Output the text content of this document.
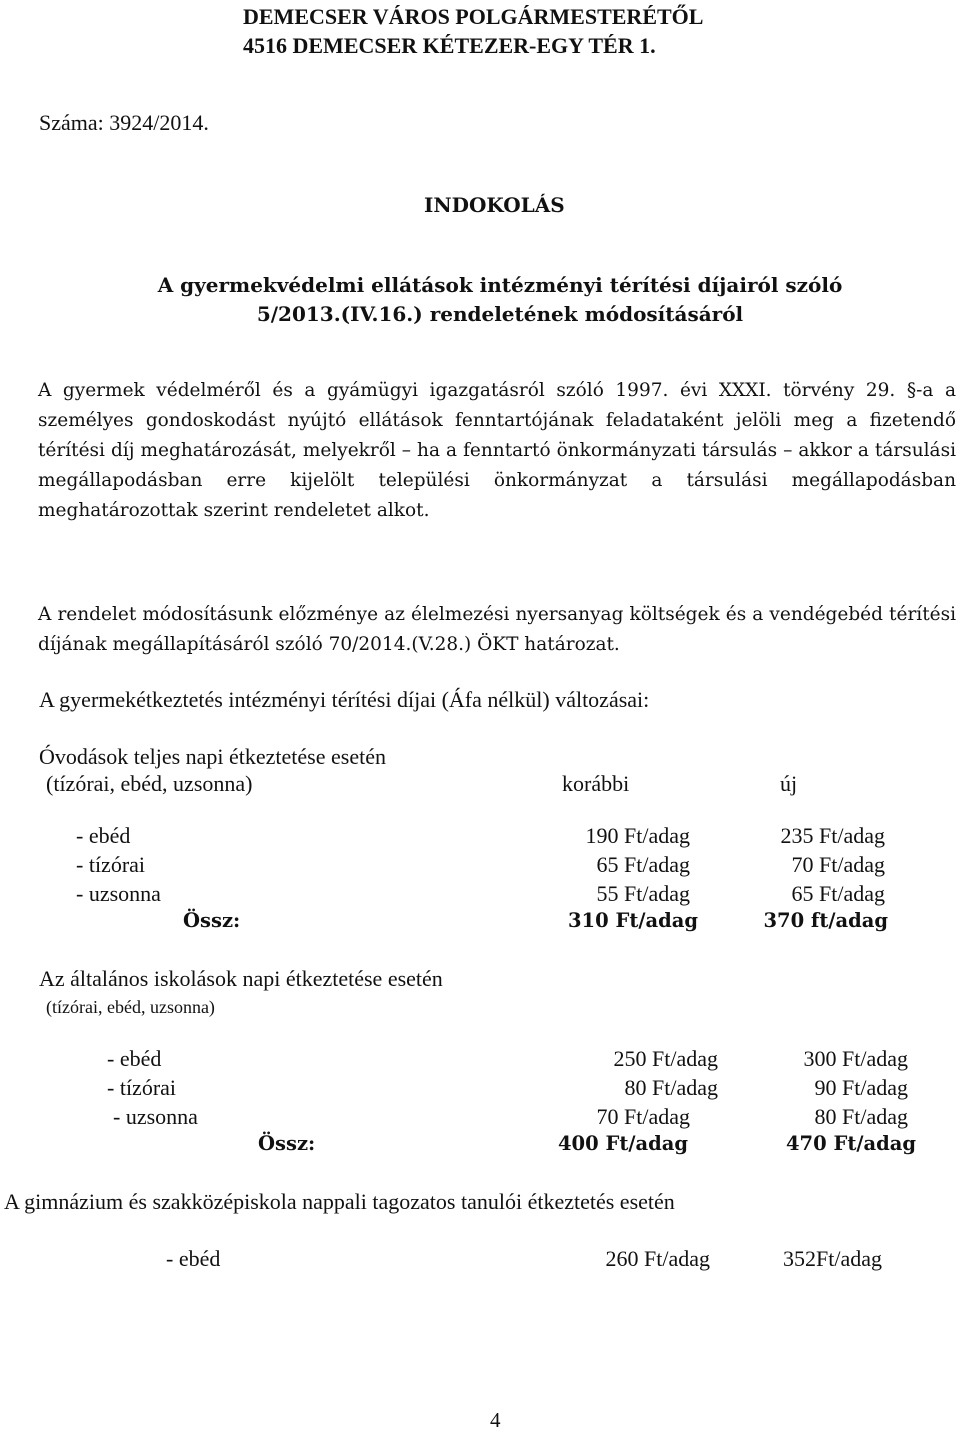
DEMECSER VÁROS POLGÁRMESTERÉTŐL
4516 DEMECSER KÉTEZER-EGY TÉR 1.
Száma: 3924/2014.
INDOKOLÁS
A gyermekvédelmi ellátások intézményi térítési díjairól szóló
5/2013.(IV.16.) rendeletének módosításáról
A gyermek védelméről és a gyámügyi igazgatásról szóló 1997. évi XXXI. törvény 29. §-a a személyes gondoskodást nyújtó ellátások fenntartójának feladataként jelöli meg a fizetendő térítési díj meghatározását, melyekről – ha a fenntartó önkormányzati társulás – akkor a társulási megállapodásban erre kijelölt települési önkormányzat a társulási megállapodásban meghatározottak szerint rendeletet alkot.
A rendelet módosításunk előzménye az élelmezési nyersanyag költségek és a vendégebéd térítési díjának megállapításáról szóló 70/2014.(V.28.) ÖKT határozat.
A gyermekétkeztetés intézményi térítési díjai (Áfa nélkül) változásai:
Óvodások teljes napi étkeztetése esetén
(tízórai, ebéd, uzsonna)	korábbi	új
- ebéd	190 Ft/adag	235 Ft/adag
- tízórai	65 Ft/adag	70 Ft/adag
- uzsonna	55 Ft/adag	65 Ft/adag
Össz:	310 Ft/adag	370 ft/adag
Az általános iskolások napi étkeztetése esetén
(tízórai, ebéd, uzsonna)
- ebéd	250 Ft/adag	300 Ft/adag
- tízórai	80 Ft/adag	90 Ft/adag
- uzsonna	70 Ft/adag	80 Ft/adag
Össz:	400 Ft/adag	470 Ft/adag
A gimnázium és szakközépiskola nappali tagozatos tanulói étkeztetés esetén
- ebéd	260 Ft/adag	352Ft/adag
4
